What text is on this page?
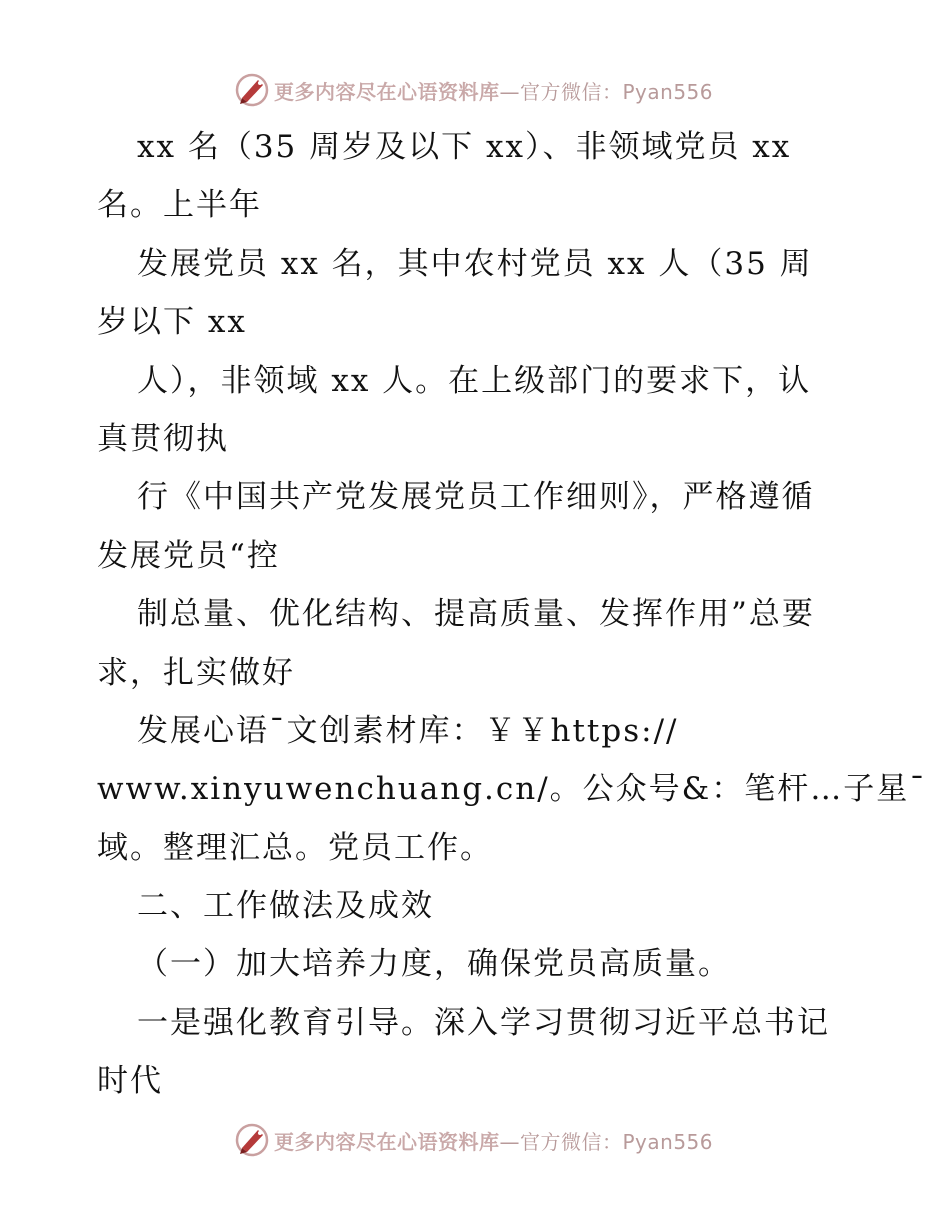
更多内容尽在心语资料库—官方微信：Pyan556
xx 名（35 周岁及以下 xx）、非领域党员 xx
名。上半年
发展党员 xx 名，其中农村党员 xx 人（35 周
岁以下 xx
人），非领域 xx 人。在上级部门的要求下，认
真贯彻执
行《中国共产党发展党员工作细则》，严格遵循
发展党员“控
制总量、优化结构、提高质量、发挥作用”总要
求，扎实做好
发展心语¯文创素材库：￥￥https://
www.xinyuwenchuang.cn/。公众号&：笔杆…子星¯
域。整理汇总。党员工作。
二、工作做法及成效
（一）加大培养力度，确保党员高质量。
一是强化教育引导。深入学习贯彻习近平总书记
时代
更多内容尽在心语资料库—官方微信：Pyan556
